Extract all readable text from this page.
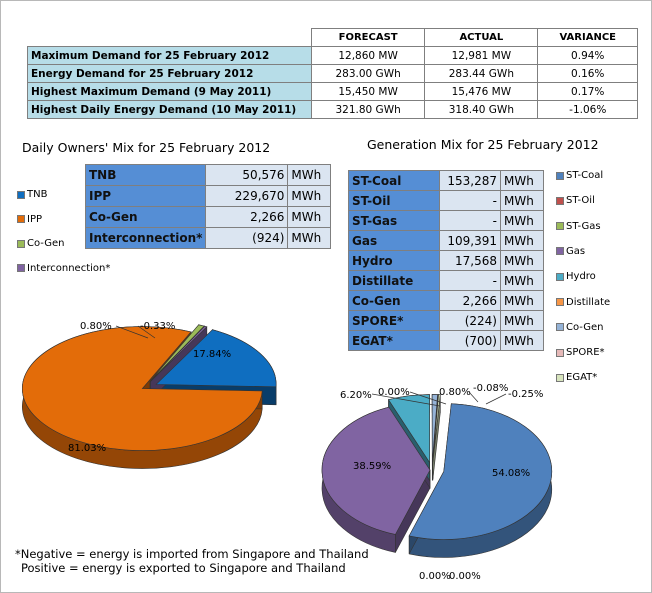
	FORECAST	ACTUAL	VARIANCE
Maximum Demand for 25 February 2012	12,860 MW	12,981 MW	0.94%
Energy Demand for 25 February 2012	283.00 GWh	283.44 GWh	0.16%
Highest Maximum Demand (9 May 2011)	15,450 MW	15,476 MW	0.17%
Highest Daily Energy Demand (10 May 2011)	321.80 GWh	318.40 GWh	-1.06%
Daily Owners' Mix for 25 February 2012	Generation Mix for 25 February 2012
TNB	50,576	MWh
IPP	229,670	MWh
Co-Gen	2,266	MWh
Interconnection*	(924)	MWh
ST-Coal	153,287	MWh
ST-Oil	-	MWh
ST-Gas	-	MWh
Gas	109,391	MWh
Hydro	17,568	MWh
Distillate	-	MWh
Co-Gen	2,266	MWh
SPORE*	(224)	MWh
EGAT*	(700)	MWh
TNB
IPP
Co-Gen
Interconnection*
ST-Coal
ST-Oil
ST-Gas
Gas
Hydro
Distillate
Co-Gen
SPORE*
EGAT*
17.84%
81.03%
0.80%	-0.33%
54.08%
0.00%
0.00%
38.59%
6.20%
0.00%
0.80% -0.08%
-0.25%
*Negative = energy is imported from Singapore and Thailand
Positive = energy is exported to Singapore and Thailand
